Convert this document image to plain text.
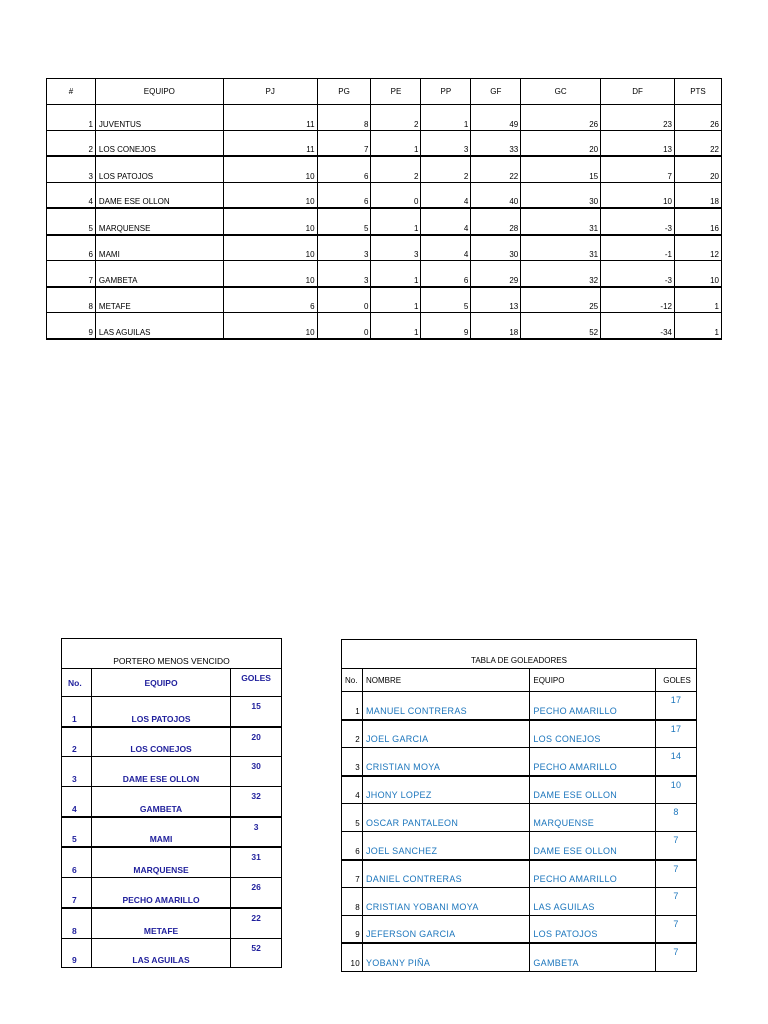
#	EQUIPO	PJ	PG	PE	PP	GF	GC	DF	PTS
1	JUVENTUS	11	8	2	1	49	26	23	26
2	LOS CONEJOS	11	7	1	3	33	20	13	22
3	LOS PATOJOS	10	6	2	2	22	15	7	20
4	DAME ESE OLLON	10	6	0	4	40	30	10	18
5	MARQUENSE	10	5	1	4	28	31	-3	16
6	MAMI	10	3	3	4	30	31	-1	12
7	GAMBETA	10	3	1	6	29	32	-3	10
8	METAFE	6	0	1	5	13	25	-12	1
9	LAS AGUILAS	10	0	1	9	18	52	-34	1
PORTERO MENOS VENCIDO		
No.	EQUIPO	GOLES
1	LOS PATOJOS	15
2	LOS CONEJOS	20
3	DAME ESE OLLON	30
4	GAMBETA	32
5	MAMI	3
6	MARQUENSE	31
7	PECHO AMARILLO	26
8	METAFE	22
9	LAS AGUILAS	52
TABLA DE GOLEADORES			
No.	NOMBRE	EQUIPO	GOLES
1	MANUEL CONTRERAS	PECHO AMARILLO	17
2	JOEL GARCIA	LOS CONEJOS	17
3	CRISTIAN MOYA	PECHO AMARILLO	14
4	JHONY LOPEZ	DAME ESE OLLON	10
5	OSCAR PANTALEON	MARQUENSE	8
6	JOEL SANCHEZ	DAME ESE OLLON	7
7	DANIEL CONTRERAS	PECHO AMARILLO	7
8	CRISTIAN YOBANI MOYA	LAS AGUILAS	7
9	JEFERSON GARCIA	LOS PATOJOS	7
10	YOBANY PIÑA	GAMBETA	7
